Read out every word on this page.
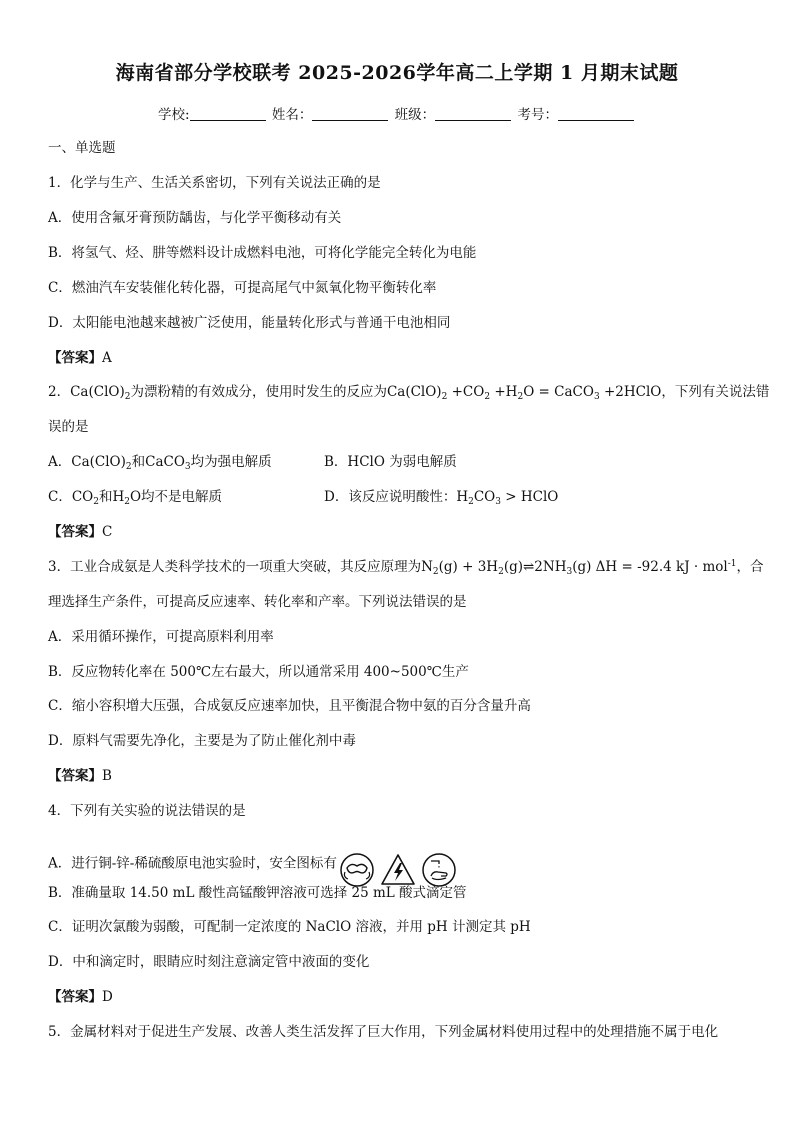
海南省部分学校联考 2025-2026学年高二上学期 1 月期末试题
学校:	姓名：	班级：	考号：
一、单选题
1．化学与生产、生活关系密切，下列有关说法正确的是
A．使用含氟牙膏预防龋齿，与化学平衡移动有关
B．将氢气、烃、肼等燃料设计成燃料电池，可将化学能完全转化为电能
C．燃油汽车安装催化转化器，可提高尾气中氮氧化物平衡转化率
D．太阳能电池越来越被广泛使用，能量转化形式与普通干电池相同
【答案】A
2．$Ca(ClO)_2$为漂粉精的有效成分，使用时发生的反应为$Ca(ClO)_2 +CO_2 +H_2O$ = CaCO$_3$ +2HClO，下列有关说法错
误的是
A．$Ca(ClO)_2$和CaCO$_3$均为强电解质	B．HClO 为弱电解质
C．$CO_2$和$H_2O$均不是电解质	D．该反应说明酸性：$H_2CO_3$ > HClO
【答案】C
3．工业合成氨是人类科学技术的一项重大突破，其反应原理为$N_2(g)$ + $3H_2(g)\rightleftharpoons 2NH_3(g) \Delta H = -92.4$ kJ · mol$^{-1}$，合
理选择生产条件，可提高反应速率、转化率和产率。下列说法错误的是
A．采用循环操作，可提高原料利用率
B．反应物转化率在 500℃左右最大，所以通常采用 400~500℃生产
C．缩小容积增大压强，合成氨反应速率加快，且平衡混合物中氨的百分含量升高
D．原料气需要先净化，主要是为了防止催化剂中毒
【答案】B
4．下列有关实验的说法错误的是
A．进行铜-锌-稀硫酸原电池实验时，安全图标有
B．准确量取 14.50 mL 酸性高锰酸钾溶液可选择 25 mL 酸式滴定管
C．证明次氯酸为弱酸，可配制一定浓度的 NaClO 溶液，并用 pH 计测定其 pH
D．中和滴定时，眼睛应时刻注意滴定管中液面的变化
【答案】D
5．金属材料对于促进生产发展、改善人类生活发挥了巨大作用，下列金属材料使用过程中的处理措施不属于电化
